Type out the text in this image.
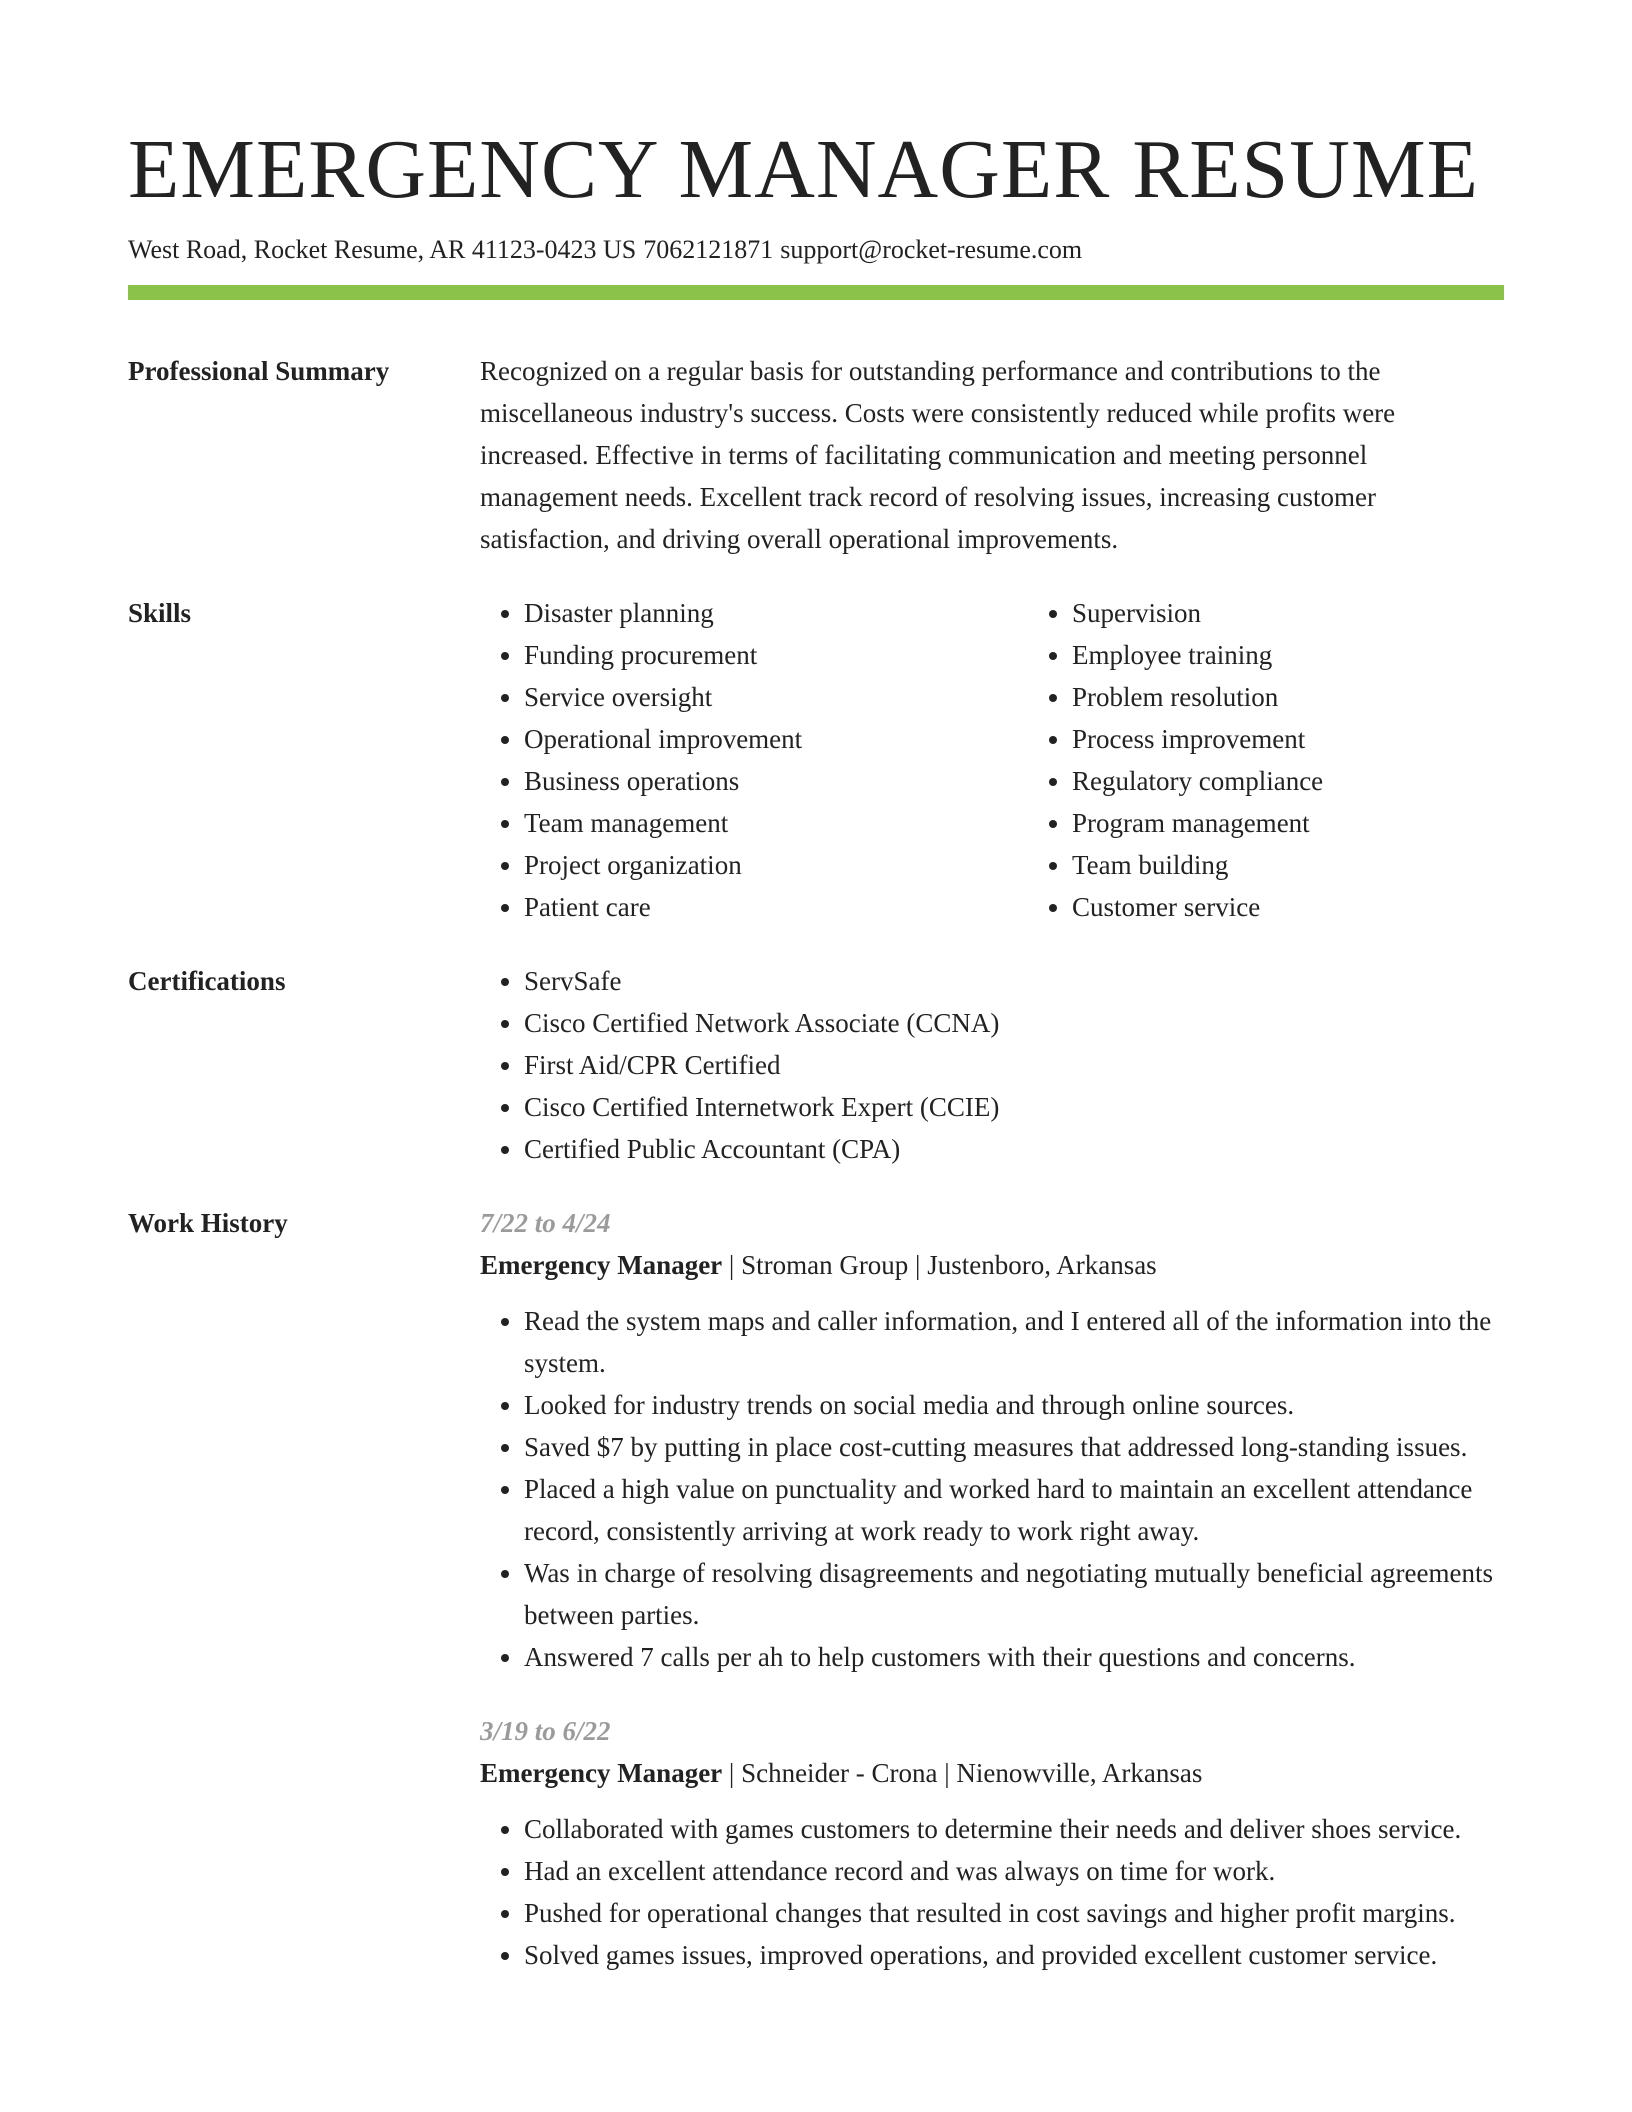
EMERGENCY MANAGER RESUME
West Road, Rocket Resume, AR 41123-0423 US 7062121871 support@rocket-resume.com
Professional Summary	Recognized on a regular basis for outstanding performance and contributions to the miscellaneous industry's success. Costs were consistently reduced while profits were increased. Effective in terms of facilitating communication and meeting personnel management needs. Excellent track record of resolving issues, increasing customer satisfaction, and driving overall operational improvements.
Skills	• Disaster planning
• Funding procurement
• Service oversight
• Operational improvement
• Business operations
• Team management
• Project organization
• Patient care
• Supervision
• Employee training
• Problem resolution
• Process improvement
• Regulatory compliance
• Program management
• Team building
• Customer service
Certifications	• ServSafe
• Cisco Certified Network Associate (CCNA)
• First Aid/CPR Certified
• Cisco Certified Internetwork Expert (CCIE)
• Certified Public Accountant (CPA)
Work History	7/22 to 4/24
Emergency Manager | Stroman Group | Justenboro, Arkansas
• Read the system maps and caller information, and I entered all of the information into the system.
• Looked for industry trends on social media and through online sources.
• Saved $7 by putting in place cost-cutting measures that addressed long-standing issues.
• Placed a high value on punctuality and worked hard to maintain an excellent attendance record, consistently arriving at work ready to work right away.
• Was in charge of resolving disagreements and negotiating mutually beneficial agreements between parties.
• Answered 7 calls per ah to help customers with their questions and concerns.
3/19 to 6/22
Emergency Manager | Schneider - Crona | Nienowville, Arkansas
• Collaborated with games customers to determine their needs and deliver shoes service.
• Had an excellent attendance record and was always on time for work.
• Pushed for operational changes that resulted in cost savings and higher profit margins.
• Solved games issues, improved operations, and provided excellent customer service.
